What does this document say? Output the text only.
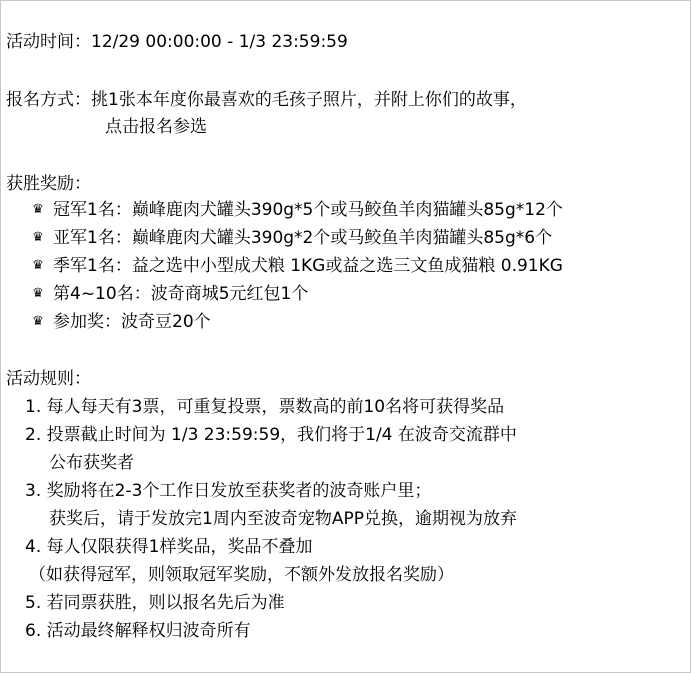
活动时间：12/29 00:00:00 - 1/3 23:59:59
报名方式：挑1张本年度你最喜欢的毛孩子照片，并附上你们的故事，
点击报名参选
获胜奖励：
♛ 冠军1名：巅峰鹿肉犬罐头390g*5个或马鲛鱼羊肉猫罐头85g*12个
♛ 亚军1名：巅峰鹿肉犬罐头390g*2个或马鲛鱼羊肉猫罐头85g*6个
♛ 季军1名：益之选中小型成犬粮 1KG或益之选三文鱼成猫粮 0.91KG
♛ 第4~10名：波奇商城5元红包1个
♛ 参加奖：波奇豆20个
活动规则：
1. 每人每天有3票，可重复投票，票数高的前10名将可获得奖品
2. 投票截止时间为 1/3 23:59:59，我们将于1/4 在波奇交流群中
公布获奖者
3. 奖励将在2-3个工作日发放至获奖者的波奇账户里；
获奖后，请于发放完1周内至波奇宠物APP兑换，逾期视为放弃
4. 每人仅限获得1样奖品，奖品不叠加
（如获得冠军，则领取冠军奖励，不额外发放报名奖励）
5. 若同票获胜，则以报名先后为准
6. 活动最终解释权归波奇所有
